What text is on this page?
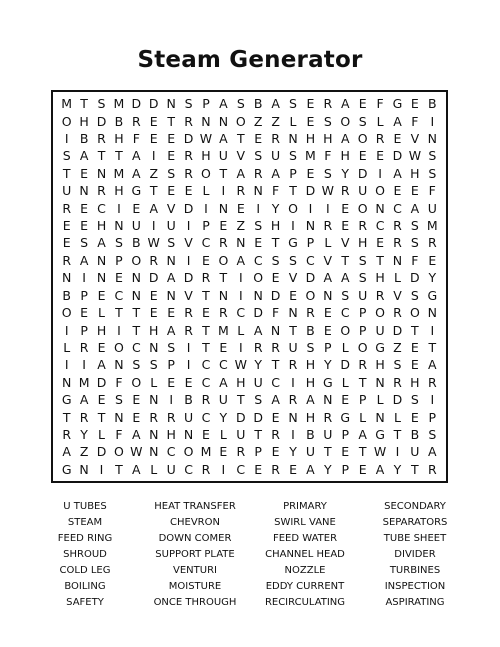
Steam Generator
M T S M D D N S P A S B A S E R A E F G E B
O H D B R E T R N N O Z Z L E S O S L A F I
I B R H F E E D W A T E R N H H A O R E V N
S A T T A I E R H U V S U S M F H E E D W S
T E N M A Z S R O T A R A P E S Y D I A H S
U N R H G T E E L I R N F T D W R U O E E F
R E C I E A V D I N E I Y O I	I E O N C A U
E E H N U I U I P E Z S H I N R E R C R S M
E S A S B W S V C R N E T G P L V H E R S R
R A N P O R N I E O A C S S C V T S T N F E
N I N E N D A D R T I O E V D A A S H L D Y
B P E C N E N V T N I N D E O N S U R V S G
O E L T T E E R E R C D F N R E C P O R O N
I P H I T H A R T M L A N T B E O P U D T I
L R E O C N S I T E I R R U S P L O G Z E T
I	I A N S S P I C C W Y T R H Y D R H S E A
N M D F O L E E C A H U C I H G L T N R H R
G A E S E N I B R U T S A R A N E P L D S I
T R T N E R R U C Y D D E N H R G L N L E P
R Y L F A N H N E L U T R I B U P A G T B S
A Z D O W N C O M E R P E Y U T E T W I U A
G N I T A L U C R I C E R E A Y P E A Y T R
U TUBES	HEAT TRANSFER	PRIMARY	SECONDARY
STEAM	CHEVRON	SWIRL VANE	SEPARATORS
FEED RING	DOWN COMER	FEED WATER	TUBE SHEET
SHROUD	SUPPORT PLATE	CHANNEL HEAD	DIVIDER
COLD LEG	VENTURI	NOZZLE	TURBINES
BOILING	MOISTURE	EDDY CURRENT	INSPECTION
SAFETY	ONCE THROUGH	RECIRCULATING	ASPIRATING
